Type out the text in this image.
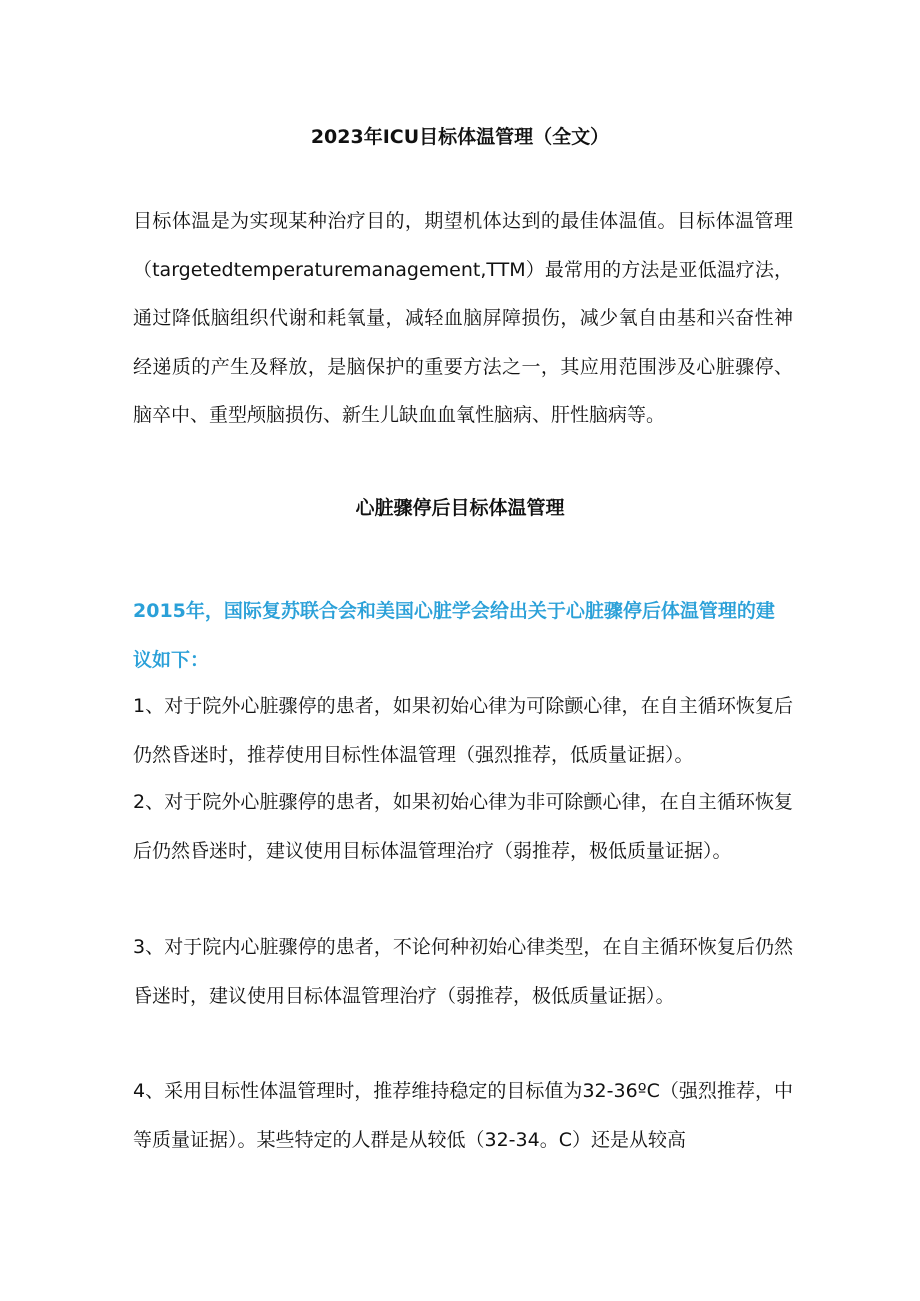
2023年ICU目标体温管理（全文）

目标体温是为实现某种治疗目的，期望机体达到的最佳体温值。目标体温管理（targetedtemperaturemanagement,TTM）最常用的方法是亚低温疗法，通过降低脑组织代谢和耗氧量，减轻血脑屏障损伤，减少氧自由基和兴奋性神经递质的产生及释放，是脑保护的重要方法之一，其应用范围涉及心脏骤停、脑卒中、重型颅脑损伤、新生儿缺血血氧性脑病、肝性脑病等。

心脏骤停后目标体温管理

2015年，国际复苏联合会和美国心脏学会给出关于心脏骤停后体温管理的建议如下：

1、对于院外心脏骤停的患者，如果初始心律为可除颤心律，在自主循环恢复后仍然昏迷时，推荐使用目标性体温管理（强烈推荐，低质量证据）。

2、对于院外心脏骤停的患者，如果初始心律为非可除颤心律，在自主循环恢复后仍然昏迷时，建议使用目标体温管理治疗（弱推荐，极低质量证据）。

3、对于院内心脏骤停的患者，不论何种初始心律类型，在自主循环恢复后仍然昏迷时，建议使用目标体温管理治疗（弱推荐，极低质量证据）。

4、采用目标性体温管理时，推荐维持稳定的目标值为32-36ºC（强烈推荐，中等质量证据）。某些特定的人群是从较低（32-34。C）还是从较高
